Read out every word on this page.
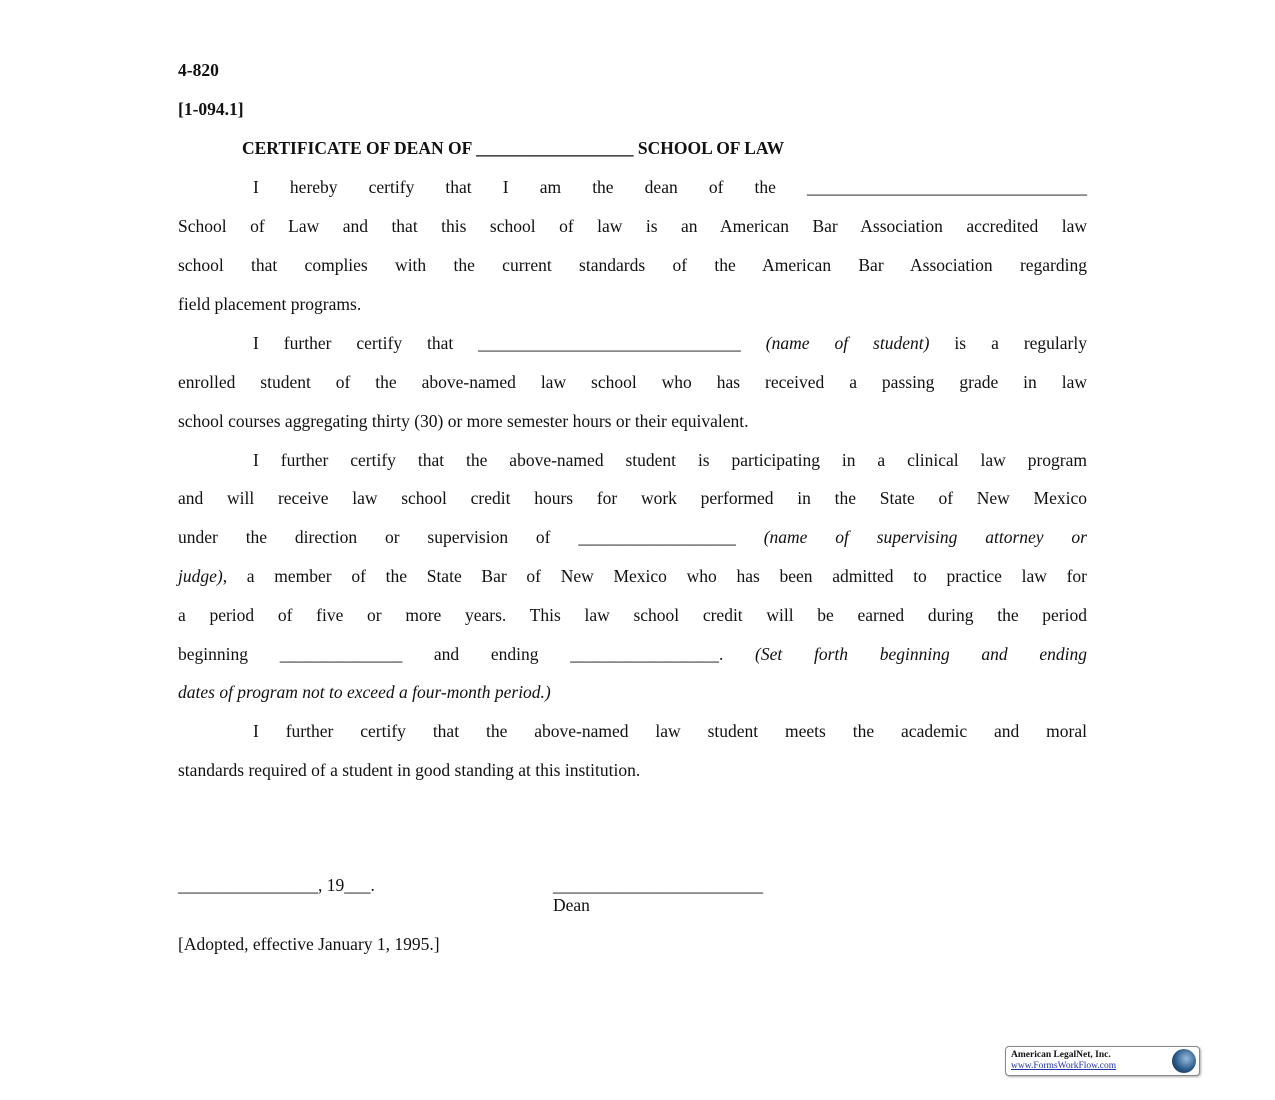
4-820
[1-094.1]
CERTIFICATE OF DEAN OF __________________ SCHOOL OF LAW
I hereby certify that I am the dean of the ________________________________
School of Law and that this school of law is an American Bar Association accredited law
school that complies with the current standards of the American Bar Association regarding
field placement programs.
I further certify that ______________________________ (name of student) is a regularly
enrolled student of the above-named law school who has received a passing grade in law
school courses aggregating thirty (30) or more semester hours or their equivalent.
I further certify that the above-named student is participating in a clinical law program
and will receive law school credit hours for work performed in the State of New Mexico
under the direction or supervision of __________________ (name of supervising attorney or
judge), a member of the State Bar of New Mexico who has been admitted to practice law for
a period of five or more years. This law school credit will be earned during the period
beginning ______________ and ending _________________. (Set forth beginning and ending
dates of program not to exceed a four-month period.)
I further certify that the above-named law student meets the academic and moral
standards required of a student in good standing at this institution.
________________, 19___.	________________________
Dean
[Adopted, effective January 1, 1995.]
American LegalNet, Inc.
www.FormsWorkFlow.com
